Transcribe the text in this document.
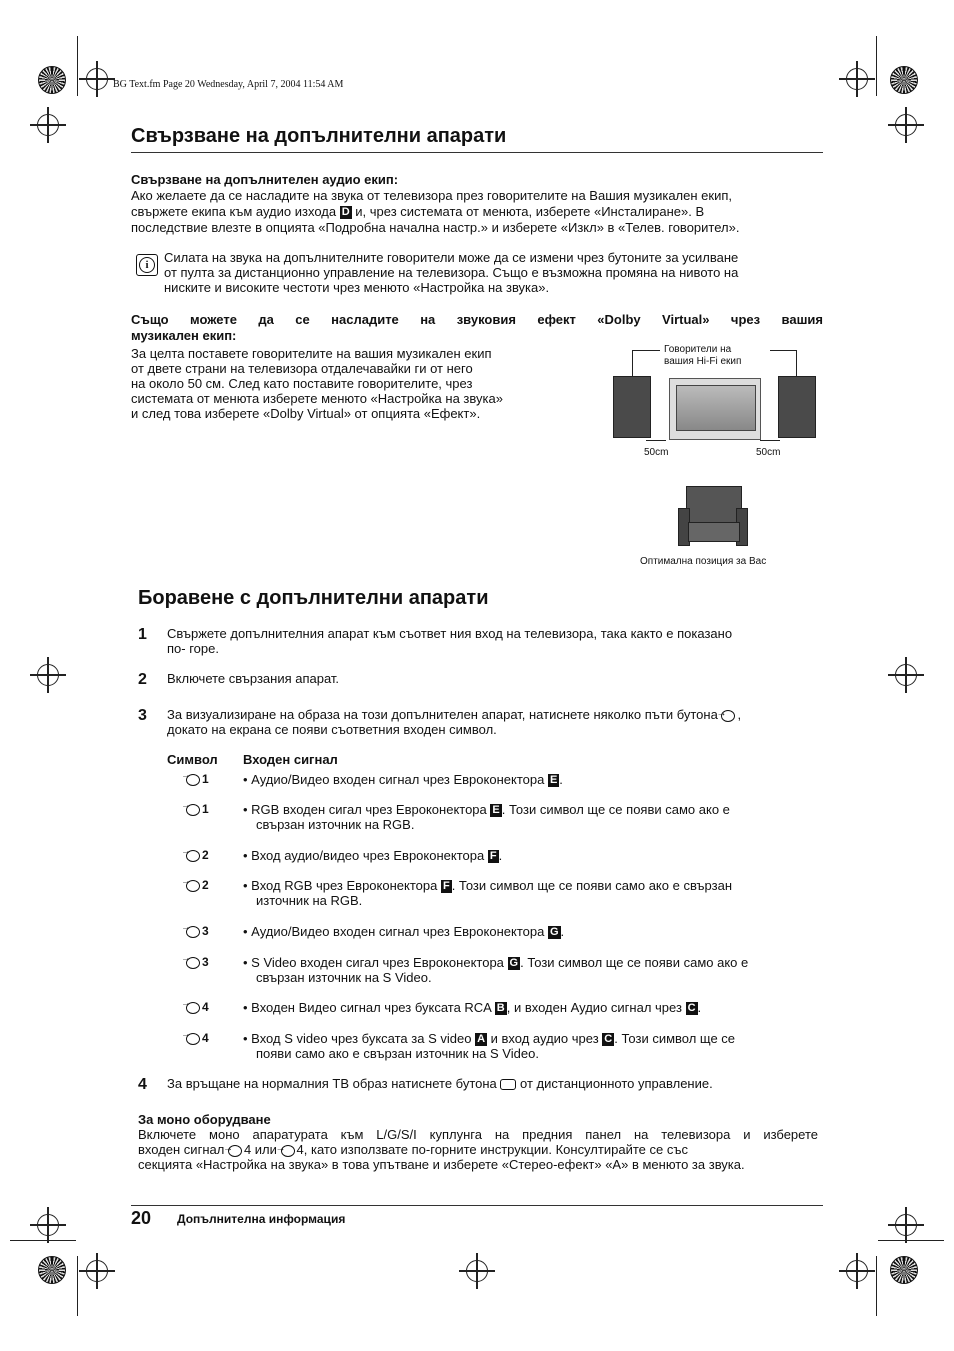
BG Text.fm Page 20 Wednesday, April 7, 2004 11:54 AM
Свързване на допълнителни апарати
Свързване на допълнителен аудио екип:
Ако желаете да се насладите на звука от телевизора през говорителите на Вашия музикален екип,
свържете екипа към аудио изхода D и, чрез системата от менюта, изберете «Инсталиране». В
последствие влезте в опцията «Подробна начална настр.» и изберете «Изкл» в «Телев. говорител».
i	Силата на звука на допълнителните говорители може да се измени чрез бутоните за усилване
от пулта за дистанционно управление на телевизора. Също е възможна промяна на нивото на
ниските и високите честоти чрез менюто «Настройка на звука».
Също можете да се насладите на звуковия ефект «Dolby Virtual» чрез вашия
музикален екип:
За целта поставете говорителите на вашия музикален екип
от двете страни на телевизора отдалечавайки ги от него
на около 50 см. След като поставите говорителите, чрез
системата от менюта изберете менюто «Настройка на звука»
и след това изберете «Dolby Virtual» от опцията «Ефект».
Говорители на
вашия Hi-Fi екип
50cm	50cm
Оптимална позиция за Вас
Боравене с допълнителни апарати
1 Свържете допълнителния апарат към съответ ния вход на телевизора, така както е показано
по- горе.
2 Включете свързания апарат.
3 За визуализиране на образа на този допълнителен апарат, натиснете няколко пъти бутона → ,
докато на екрана се появи съответния входен символ.
Символ Входен сигнал
→1	• Аудио/Видео входен сигнал чрез Евроконектора E .
→1	• RGB входен сигал чрез Евроконектора E . Този символ ще се появи само ако е
свързан източник на RGB.
→2	• Вход аудио/видео чрез Евроконектора F .
→2	• Вход RGB чрез Евроконектора F . Този символ ще се появи само ако е свързан
източник на RGB.
→3	• Аудио/Видео входен сигнал чрез Евроконектора G .
→3	• S Video входен сигал чрез Евроконектора G . Този символ ще се появи само ако е
свързан източник на S Video.
→4	• Входен Видео сигнал чрез буксата RCA B , и входен Аудио сигнал чрез C .
→4	• Вход S video чрез буксата за S video A и вход аудио чрез C . Този символ ще се
появи само ако е свързан източник на S Video.
4 За връщане на нормалния ТВ образ натиснете бутона от дистанционното управление.
За моно оборудване
Включете моно апаратурата към L/G/S/I куплунга на предния панел на телевизора и изберете
входен сигнал → 4 или → 4, като използвате по-горните инструкции. Консултирайте се със
секцията «Настройка на звука» в това упътване и изберете «Стерео-ефект» «A» в менюто за звука.
20 Допълнителна информация
